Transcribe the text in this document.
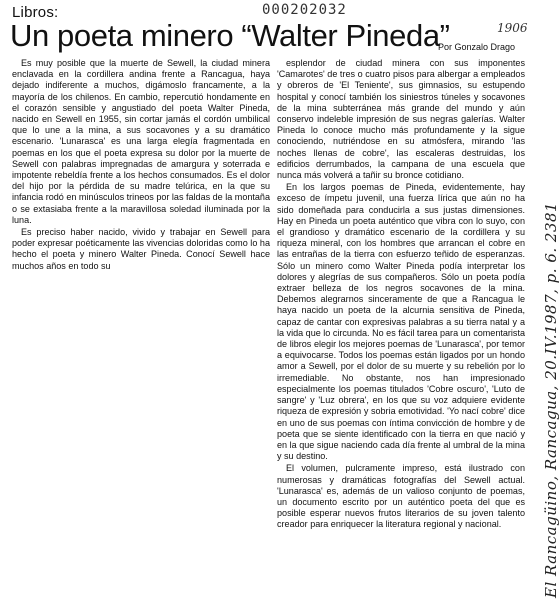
Libros:	000202032
1906
Un poeta minero “Walter Pineda”
Por Gonzalo Drago

Es muy posible que la muerte de Sewell, la ciudad minera enclavada en la cordillera andina frente a Rancagua, haya dejado indiferente a muchos, digámoslo francamente, a la mayoría de los chilenos. En cambio, repercutió hondamente en el corazón sensible y angustiado del poeta Walter Pineda, nacido en Sewell en 1955, sin cortar jamás el cordón umbilical que lo une a la mina, a sus socavones y a su dramático escenario. 'Lunarasca' es una larga elegía fragmentada en poemas en los que el poeta expresa su dolor por la muerte de Sewell con palabras impregnadas de amargura y soterrada e impotente rebeldía frente a los hechos consumados. Es el dolor del hijo por la pérdida de su madre telúrica, en la que su infancia rodó en minúsculos trineos por las faldas de la montaña o se extasiaba frente a la maravillosa soledad iluminada por la luna.

Es preciso haber nacido, vivido y trabajar en Sewell para poder expresar poéticamente las vivencias doloridas como lo ha hecho el poeta y minero Walter Pineda. Conocí Sewell hace muchos años en todo su

esplendor de ciudad minera con sus imponentes 'Camarotes' de tres o cuatro pisos para albergar a empleados y obreros de 'El Teniente', sus gimnasios, su estupendo hospital y conocí también los siniestros túneles y socavones de la mina subterránea más grande del mundo y aún conservo indeleble impresión de sus negras galerías. Walter Pineda lo conoce mucho más profundamente y la sigue conociendo, nutriéndose en su atmósfera, mirando 'las noches llenas de cobre', las escaleras destruidas, los edificios derrumbados, la campana de una escuela que nunca más volverá a tañir su bronce cotidiano.

En los largos poemas de Pineda, evidentemente, hay exceso de ímpetu juvenil, una fuerza lírica que aún no ha sido domeñada para conducirla a sus justas dimensiones. Hay en Pineda un poeta auténtico que vibra con lo suyo, con el grandioso y dramático escenario de la cordillera y su riqueza mineral, con los hombres que arrancan el cobre en las entrañas de la tierra con esfuerzo teñido de esperanzas. Sólo un minero como Walter Pineda podía interpretar los dolores y alegrías de sus compañeros. Sólo un poeta podía extraer belleza de los negros socavones de la mina. Debemos alegrarnos sinceramente de que a Rancagua le haya nacido un poeta de la alcurnia sensitiva de Pineda, capaz de cantar con expresivas palabras a su tierra natal y a la vida que lo circunda. No es fácil tarea para un comentarista de libros elegir los mejores poemas de 'Lunarasca', por temor a equivocarse. Todos los poemas están ligados por un hondo amor a Sewell, por el dolor de su muerte y su rebelión por lo irremediable. No obstante, nos han impresionado especialmente los poemas titulados 'Cobre oscuro', 'Luto de sangre' y 'Luz obrera', en los que su voz adquiere evidente riqueza de expresión y sobria emotividad. 'Yo nací cobre' dice en uno de sus poemas con íntima convicción de hombre y de poeta que se siente identificado con la tierra en que nació y en la que sigue naciendo cada día frente al umbral de la mina y su destino.

El volumen, pulcramente impreso, está ilustrado con numerosas y dramáticas fotografías del Sewell actual. 'Lunarasca' es, además de un valioso conjunto de poemas, un documento escrito por un auténtico poeta del que es posible esperar nuevos frutos literarios de su joven talento creador para enriquecer la literatura regional y nacional.	El Rancagüino, Rancagua, 20.IV.1987, p. 6. 2381
